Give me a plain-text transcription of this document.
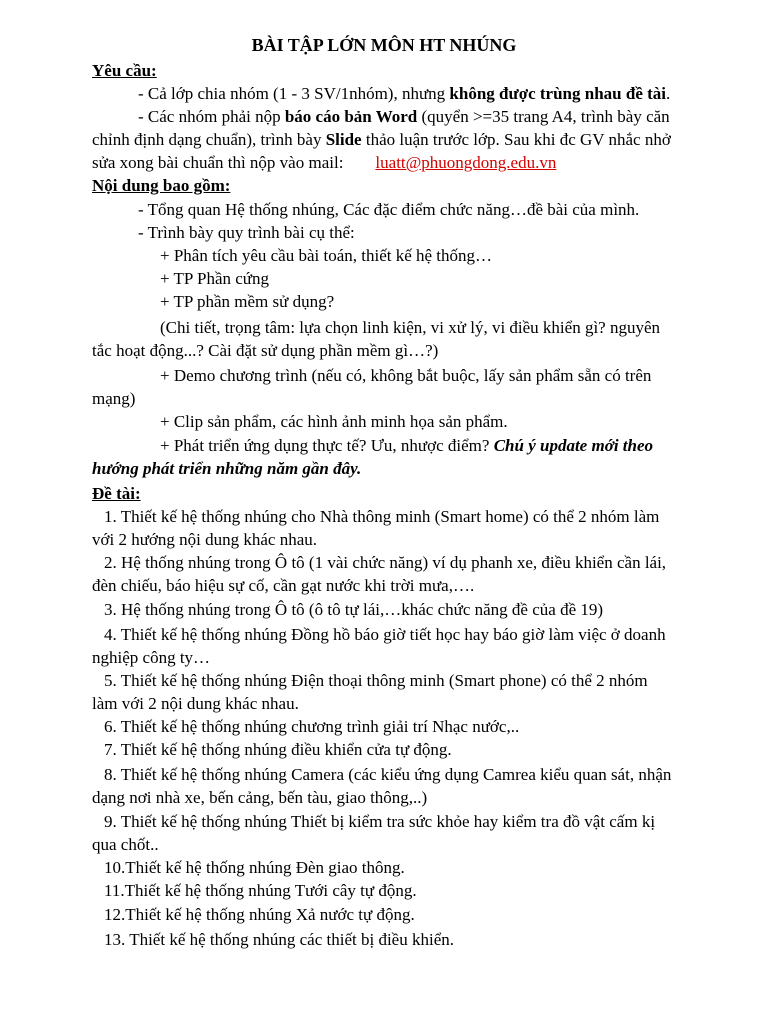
BÀI TẬP LỚN MÔN HT NHÚNG
Yêu cầu:
- Cả lớp chia nhóm (1 - 3 SV/1nhóm), nhưng không được trùng nhau đề tài.
- Các nhóm phải nộp báo cáo bản Word (quyển >=35 trang A4, trình bày căn
chỉnh định dạng chuẩn), trình bày Slide thảo luận trước lớp. Sau khi đc GV nhắc nhở
sửa xong bài chuẩn thì nộp vào mail: luatt@phuongdong.edu.vn
Nội dung bao gồm:
- Tổng quan Hệ thống nhúng, Các đặc điểm chức năng…đề bài của mình.
- Trình bày quy trình bài cụ thể:
+ Phân tích yêu cầu bài toán, thiết kế hệ thống…
+ TP Phần cứng
+ TP phần mềm sử dụng?
(Chi tiết, trọng tâm: lựa chọn linh kiện, vi xử lý, vi điều khiển gì? nguyên
tắc hoạt động...? Cài đặt sử dụng phần mềm gì…?)
+ Demo chương trình (nếu có, không bắt buộc, lấy sản phẩm sẵn có trên
mạng)
+ Clip sản phẩm, các hình ảnh minh họa sản phẩm.
+ Phát triển ứng dụng thực tế? Ưu, nhược điểm? Chú ý update mới theo
hướng phát triển những năm gần đây.
Đề tài:
1. Thiết kế hệ thống nhúng cho Nhà thông minh (Smart home) có thể 2 nhóm làm
với 2 hướng nội dung khác nhau.
2. Hệ thống nhúng trong Ô tô (1 vài chức năng) ví dụ phanh xe, điều khiển cần lái,
đèn chiếu, báo hiệu sự cố, cần gạt nước khi trời mưa,….
3. Hệ thống nhúng trong Ô tô (ô tô tự lái,…khác chức năng đề của đề 19)
4. Thiết kế hệ thống nhúng Đồng hồ báo giờ tiết học hay báo giờ làm việc ở doanh
nghiệp công ty…
5. Thiết kế hệ thống nhúng Điện thoại thông minh (Smart phone) có thể 2 nhóm
làm với 2 nội dung khác nhau.
6. Thiết kế hệ thống nhúng chương trình giải trí Nhạc nước,..
7. Thiết kế hệ thống nhúng điều khiển cửa tự động.
8. Thiết kế hệ thống nhúng Camera (các kiểu ứng dụng Camrea kiểu quan sát, nhận
dạng nơi nhà xe, bến cảng, bến tàu, giao thông,..)
9. Thiết kế hệ thống nhúng Thiết bị kiểm tra sức khỏe hay kiểm tra đồ vật cấm kị
qua chốt..
10.Thiết kế hệ thống nhúng Đèn giao thông.
11.Thiết kế hệ thống nhúng Tưới cây tự động.
12.Thiết kế hệ thống nhúng Xả nước tự động.
13. Thiết kế hệ thống nhúng các thiết bị điều khiển.
